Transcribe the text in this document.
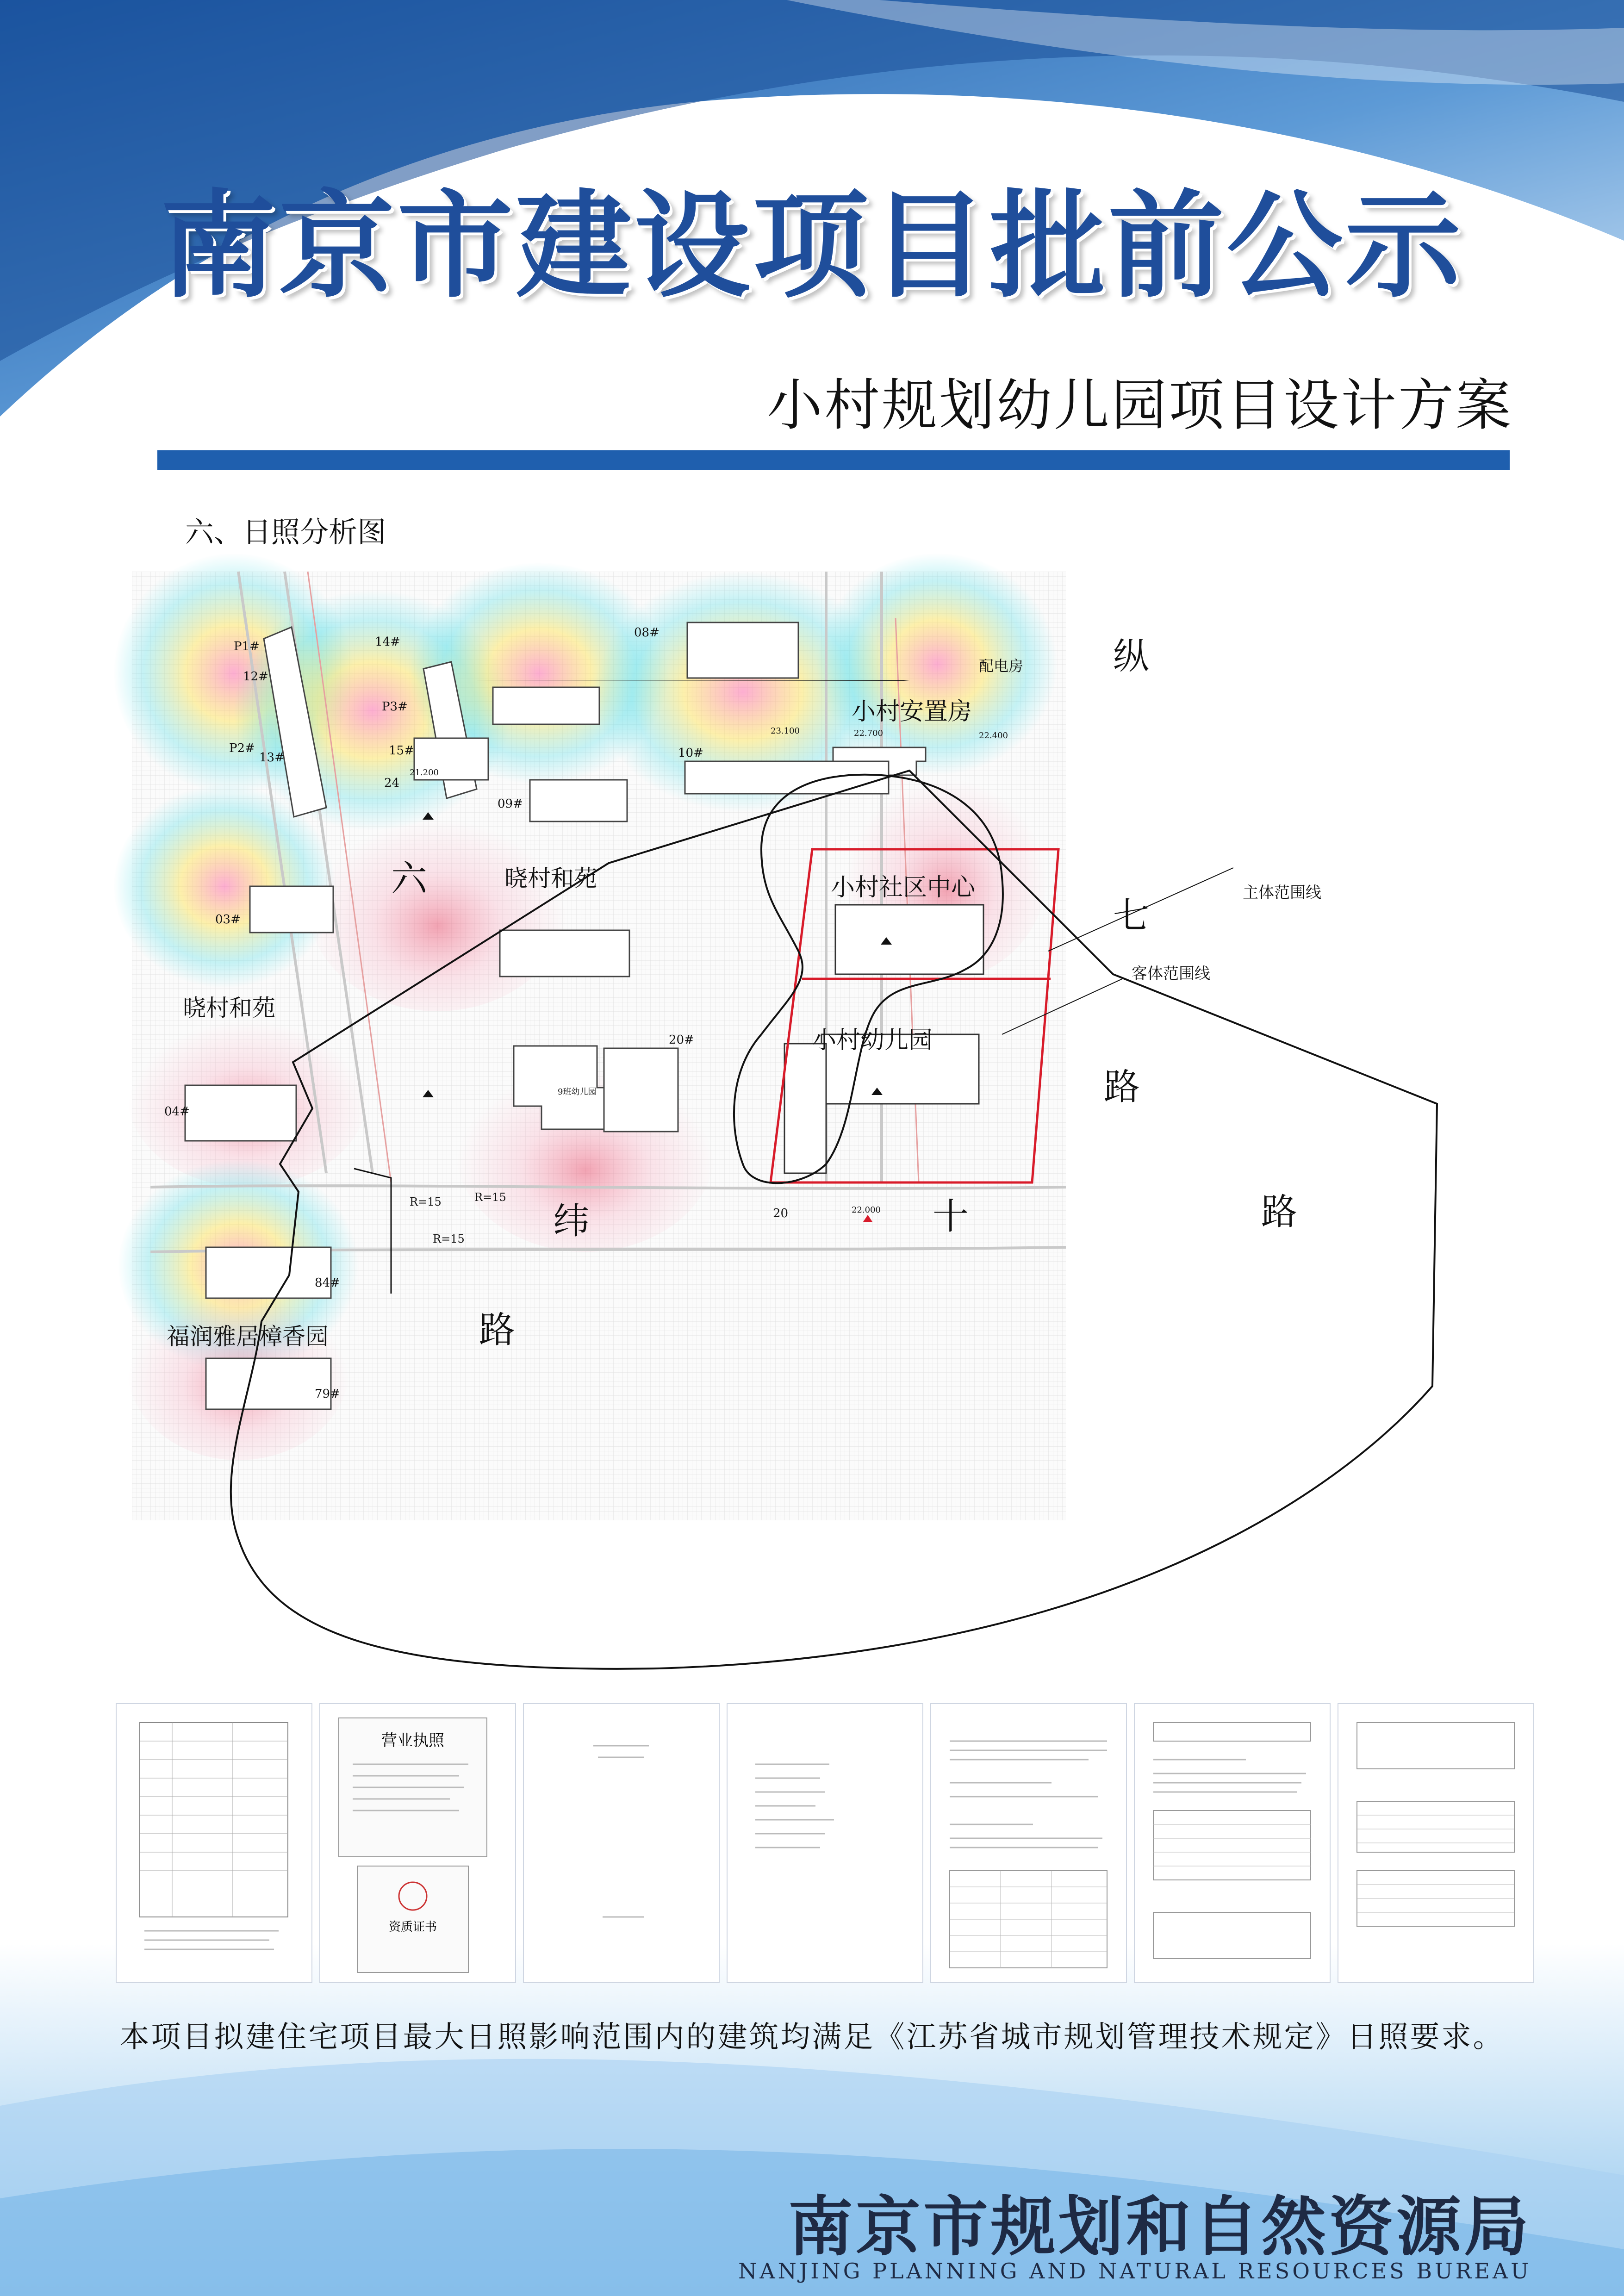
南京市建设项目批前公示
小村规划幼儿园项目设计方案
六、日照分析图
六
七
纵
路
纬	十	路
路
小村安置房
小村社区中心
小村幼儿园
晓村和苑
晓村和苑
福润雅居樟香园
配电房
9班幼儿园
主体范围线
客体范围线
P1#
12#
13#
P2#
P3#
14#
15#
08#
09#
10#
03#
04#
20#
84#
79#
24
20
R=15	R=15
R=15
22.000
22.700	22.400
21.200
23.100
营业执照
资质证书
本项目拟建住宅项目最大日照影响范围内的建筑均满足《江苏省城市规划管理技术规定》日照要求。
南京市规划和自然资源局
NANJING PLANNING AND NATURAL RESOURCES BUREAU
